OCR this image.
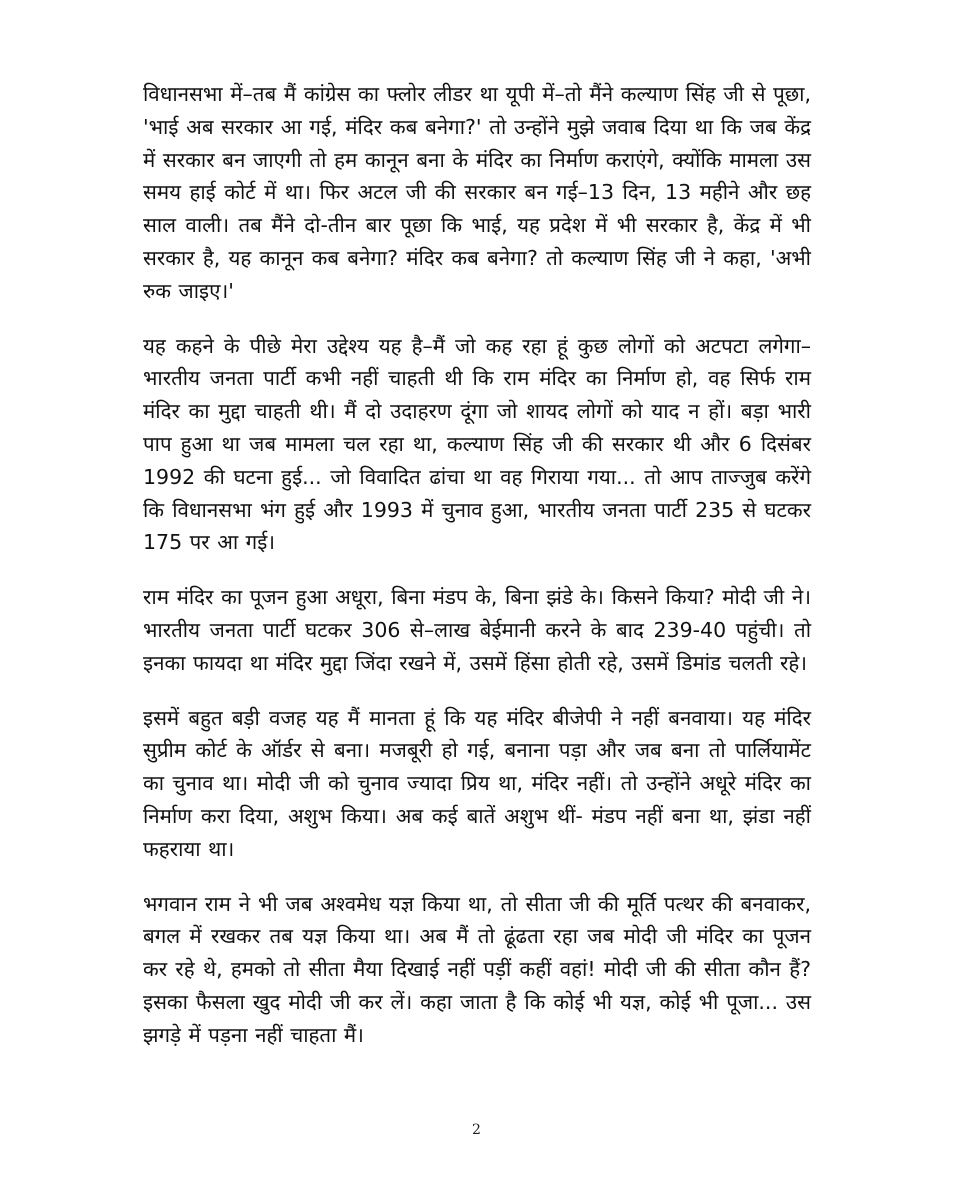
विधानसभा में–तब मैं कांग्रेस का फ्लोर लीडर था यूपी में–तो मैंने कल्याण सिंह जी से पूछा, 'भाई अब सरकार आ गई, मंदिर कब बनेगा?' तो उन्होंने मुझे जवाब दिया था कि जब केंद्र में सरकार बन जाएगी तो हम कानून बना के मंदिर का निर्माण कराएंगे, क्योंकि मामला उस समय हाई कोर्ट में था। फिर अटल जी की सरकार बन गई–13 दिन, 13 महीने और छह साल वाली। तब मैंने दो-तीन बार पूछा कि भाई, यह प्रदेश में भी सरकार है, केंद्र में भी सरकार है, यह कानून कब बनेगा? मंदिर कब बनेगा? तो कल्याण सिंह जी ने कहा, 'अभी रुक जाइए।'

यह कहने के पीछे मेरा उद्देश्य यह है–मैं जो कह रहा हूं कुछ लोगों को अटपटा लगेगा–भारतीय जनता पार्टी कभी नहीं चाहती थी कि राम मंदिर का निर्माण हो, वह सिर्फ राम मंदिर का मुद्दा चाहती थी। मैं दो उदाहरण दूंगा जो शायद लोगों को याद न हों। बड़ा भारी पाप हुआ था जब मामला चल रहा था, कल्याण सिंह जी की सरकार थी और 6 दिसंबर 1992 की घटना हुई... जो विवादित ढांचा था वह गिराया गया... तो आप ताज्जुब करेंगे कि विधानसभा भंग हुई और 1993 में चुनाव हुआ, भारतीय जनता पार्टी 235 से घटकर 175 पर आ गई।

राम मंदिर का पूजन हुआ अधूरा, बिना मंडप के, बिना झंडे के। किसने किया? मोदी जी ने। भारतीय जनता पार्टी घटकर 306 से–लाख बेईमानी करने के बाद 239-40 पहुंची। तो इनका फायदा था मंदिर मुद्दा जिंदा रखने में, उसमें हिंसा होती रहे, उसमें डिमांड चलती रहे।

इसमें बहुत बड़ी वजह यह मैं मानता हूं कि यह मंदिर बीजेपी ने नहीं बनवाया। यह मंदिर सुप्रीम कोर्ट के ऑर्डर से बना। मजबूरी हो गई, बनाना पड़ा और जब बना तो पार्लियामेंट का चुनाव था। मोदी जी को चुनाव ज्यादा प्रिय था, मंदिर नहीं। तो उन्होंने अधूरे मंदिर का निर्माण करा दिया, अशुभ किया। अब कई बातें अशुभ थीं- मंडप नहीं बना था, झंडा नहीं फहराया था।

भगवान राम ने भी जब अश्वमेध यज्ञ किया था, तो सीता जी की मूर्ति पत्थर की बनवाकर, बगल में रखकर तब यज्ञ किया था। अब मैं तो ढूंढता रहा जब मोदी जी मंदिर का पूजन कर रहे थे, हमको तो सीता मैया दिखाई नहीं पड़ीं कहीं वहां! मोदी जी की सीता कौन हैं? इसका फैसला खुद मोदी जी कर लें। कहा जाता है कि कोई भी यज्ञ, कोई भी पूजा... उस झगड़े में पड़ना नहीं चाहता मैं।

2
